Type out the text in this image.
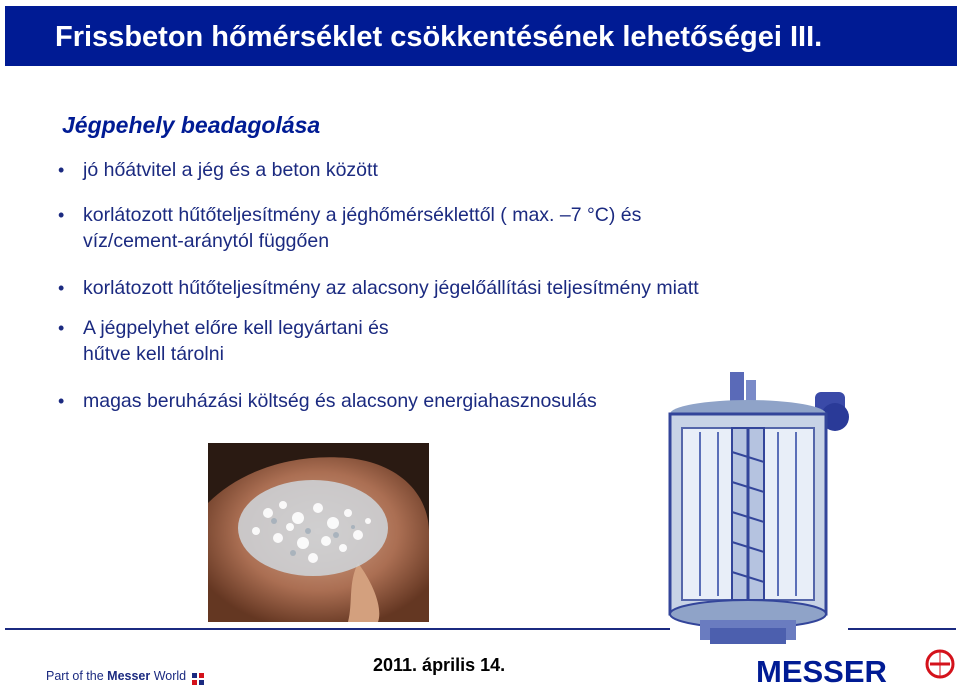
Frissbeton hőmérséklet csökkentésének lehetőségei III.
Jégpehely beadagolása
• jó hőátvitel a jég és a beton között
• korlátozott hűtőteljesítmény a jéghőmérséklettől ( max. –7 °C) és
víz/cement-aránytól függően
• korlátozott hűtőteljesítmény az alacsony jégelőállítási teljesítmény miatt
• A jégpelyhet előre kell legyártani és
hűtve kell tárolni
• magas beruházási költség és alacsony energiahasznosulás
Part of the Messer World
2011. április 14.	MESSER
